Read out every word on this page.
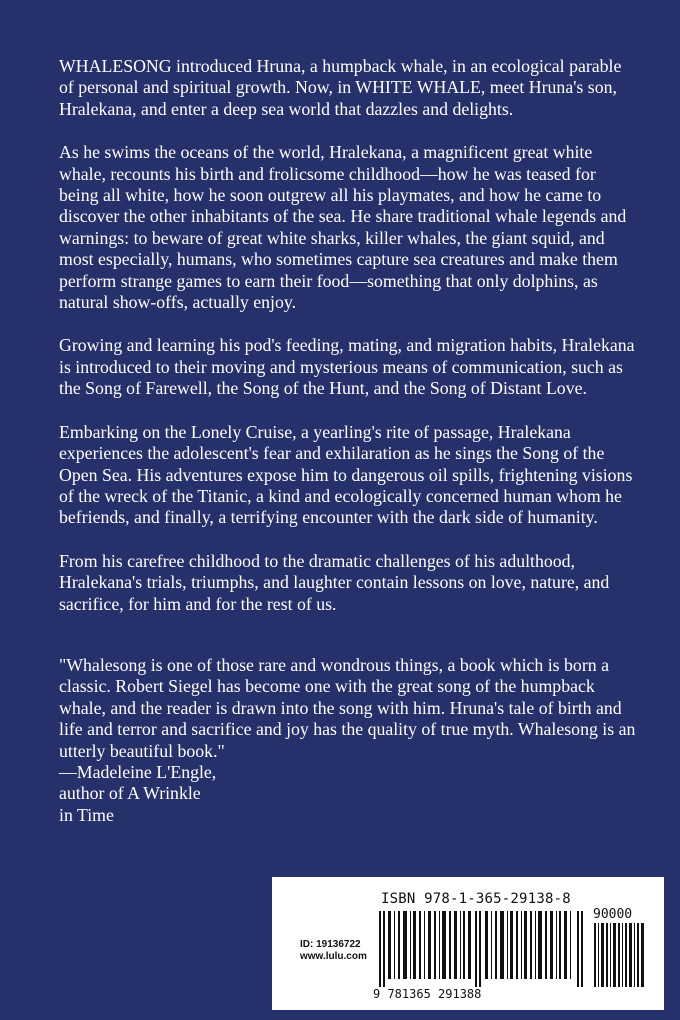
WHALESONG introduced Hruna, a humpback whale, in an ecological parable of personal and spiritual growth. Now, in WHITE WHALE, meet Hruna's son, Hralekana, and enter a deep sea world that dazzles and delights.

As he swims the oceans of the world, Hralekana, a magnificent great white whale, recounts his birth and frolicsome childhood—how he was teased for being all white, how he soon outgrew all his playmates, and how he came to discover the other inhabitants of the sea. He share traditional whale legends and warnings: to beware of great white sharks, killer whales, the giant squid, and most especially, humans, who sometimes capture sea creatures and make them perform strange games to earn their food—something that only dolphins, as natural show-offs, actually enjoy.

Growing and learning his pod's feeding, mating, and migration habits, Hralekana is introduced to their moving and mysterious means of communication, such as the Song of Farewell, the Song of the Hunt, and the Song of Distant Love.

Embarking on the Lonely Cruise, a yearling's rite of passage, Hralekana experiences the adolescent's fear and exhilaration as he sings the Song of the Open Sea. His adventures expose him to dangerous oil spills, frightening visions of the wreck of the Titanic, a kind and ecologically concerned human whom he befriends, and finally, a terrifying encounter with the dark side of humanity.

From his carefree childhood to the dramatic challenges of his adulthood, Hralekana's trials, triumphs, and laughter contain lessons on love, nature, and sacrifice, for him and for the rest of us.

"Whalesong is one of those rare and wondrous things, a book which is born a classic. Robert Siegel has become one with the great song of the humpback whale, and the reader is drawn into the song with him. Hruna's tale of birth and life and terror and sacrifice and joy has the quality of true myth. Whalesong is an utterly beautiful book."

—Madeleine L'Engle,

author of A Wrinkle

in Time

ISBN 978-1-365-29138-8
90000
ID: 19136722
www.lulu.com
9 781365 291388
